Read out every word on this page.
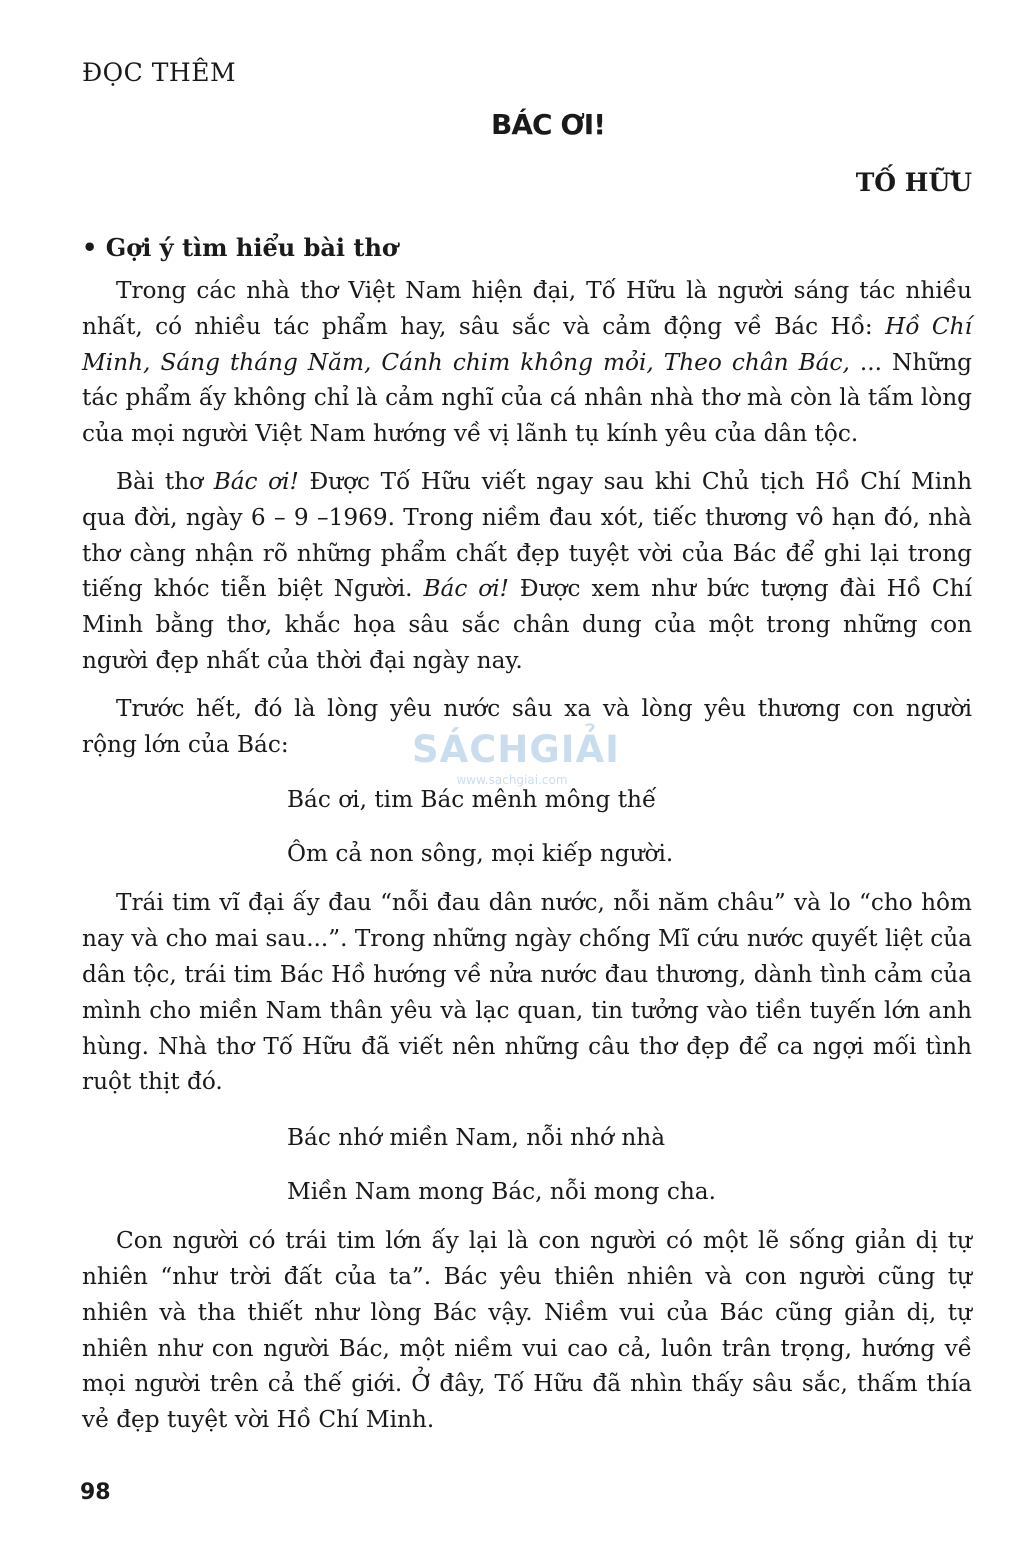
ĐỌC THÊM

BÁC ƠI!

TỐ HỮU

• Gợi ý tìm hiểu bài thơ

Trong các nhà thơ Việt Nam hiện đại, Tố Hữu là người sáng tác nhiều nhất, có nhiều tác phẩm hay, sâu sắc và cảm động về Bác Hồ: Hồ Chí Minh, Sáng tháng Năm, Cánh chim không mỏi, Theo chân Bác, ... Những tác phẩm ấy không chỉ là cảm nghĩ của cá nhân nhà thơ mà còn là tấm lòng của mọi người Việt Nam hướng về vị lãnh tụ kính yêu của dân tộc.

Bài thơ Bác ơi! Được Tố Hữu viết ngay sau khi Chủ tịch Hồ Chí Minh qua đời, ngày 6 – 9 –1969. Trong niềm đau xót, tiếc thương vô hạn đó, nhà thơ càng nhận rõ những phẩm chất đẹp tuyệt vời của Bác để ghi lại trong tiếng khóc tiễn biệt Người. Bác ơi! Được xem như bức tượng đài Hồ Chí Minh bằng thơ, khắc họa sâu sắc chân dung của một trong những con người đẹp nhất của thời đại ngày nay.

Trước hết, đó là lòng yêu nước sâu xa và lòng yêu thương con người rộng lớn của Bác:

Bác ơi, tim Bác mênh mông thế

Ôm cả non sông, mọi kiếp người.

Trái tim vĩ đại ấy đau “nỗi đau dân nước, nỗi năm châu” và lo “cho hôm nay và cho mai sau...”. Trong những ngày chống Mĩ cứu nước quyết liệt của dân tộc, trái tim Bác Hồ hướng về nửa nước đau thương, dành tình cảm của mình cho miền Nam thân yêu và lạc quan, tin tưởng vào tiền tuyến lớn anh hùng. Nhà thơ Tố Hữu đã viết nên những câu thơ đẹp để ca ngợi mối tình ruột thịt đó.

Bác nhớ miền Nam, nỗi nhớ nhà

Miền Nam mong Bác, nỗi mong cha.

Con người có trái tim lớn ấy lại là con người có một lẽ sống giản dị tự nhiên “như trời đất của ta”. Bác yêu thiên nhiên và con người cũng tự nhiên và tha thiết như lòng Bác vậy. Niềm vui của Bác cũng giản dị, tự nhiên như con người Bác, một niềm vui cao cả, luôn trân trọng, hướng về mọi người trên cả thế giới. Ở đây, Tố Hữu đã nhìn thấy sâu sắc, thấm thía vẻ đẹp tuyệt vời Hồ Chí Minh.

SÁCHGIẢI
www.sachgiai.com

98
